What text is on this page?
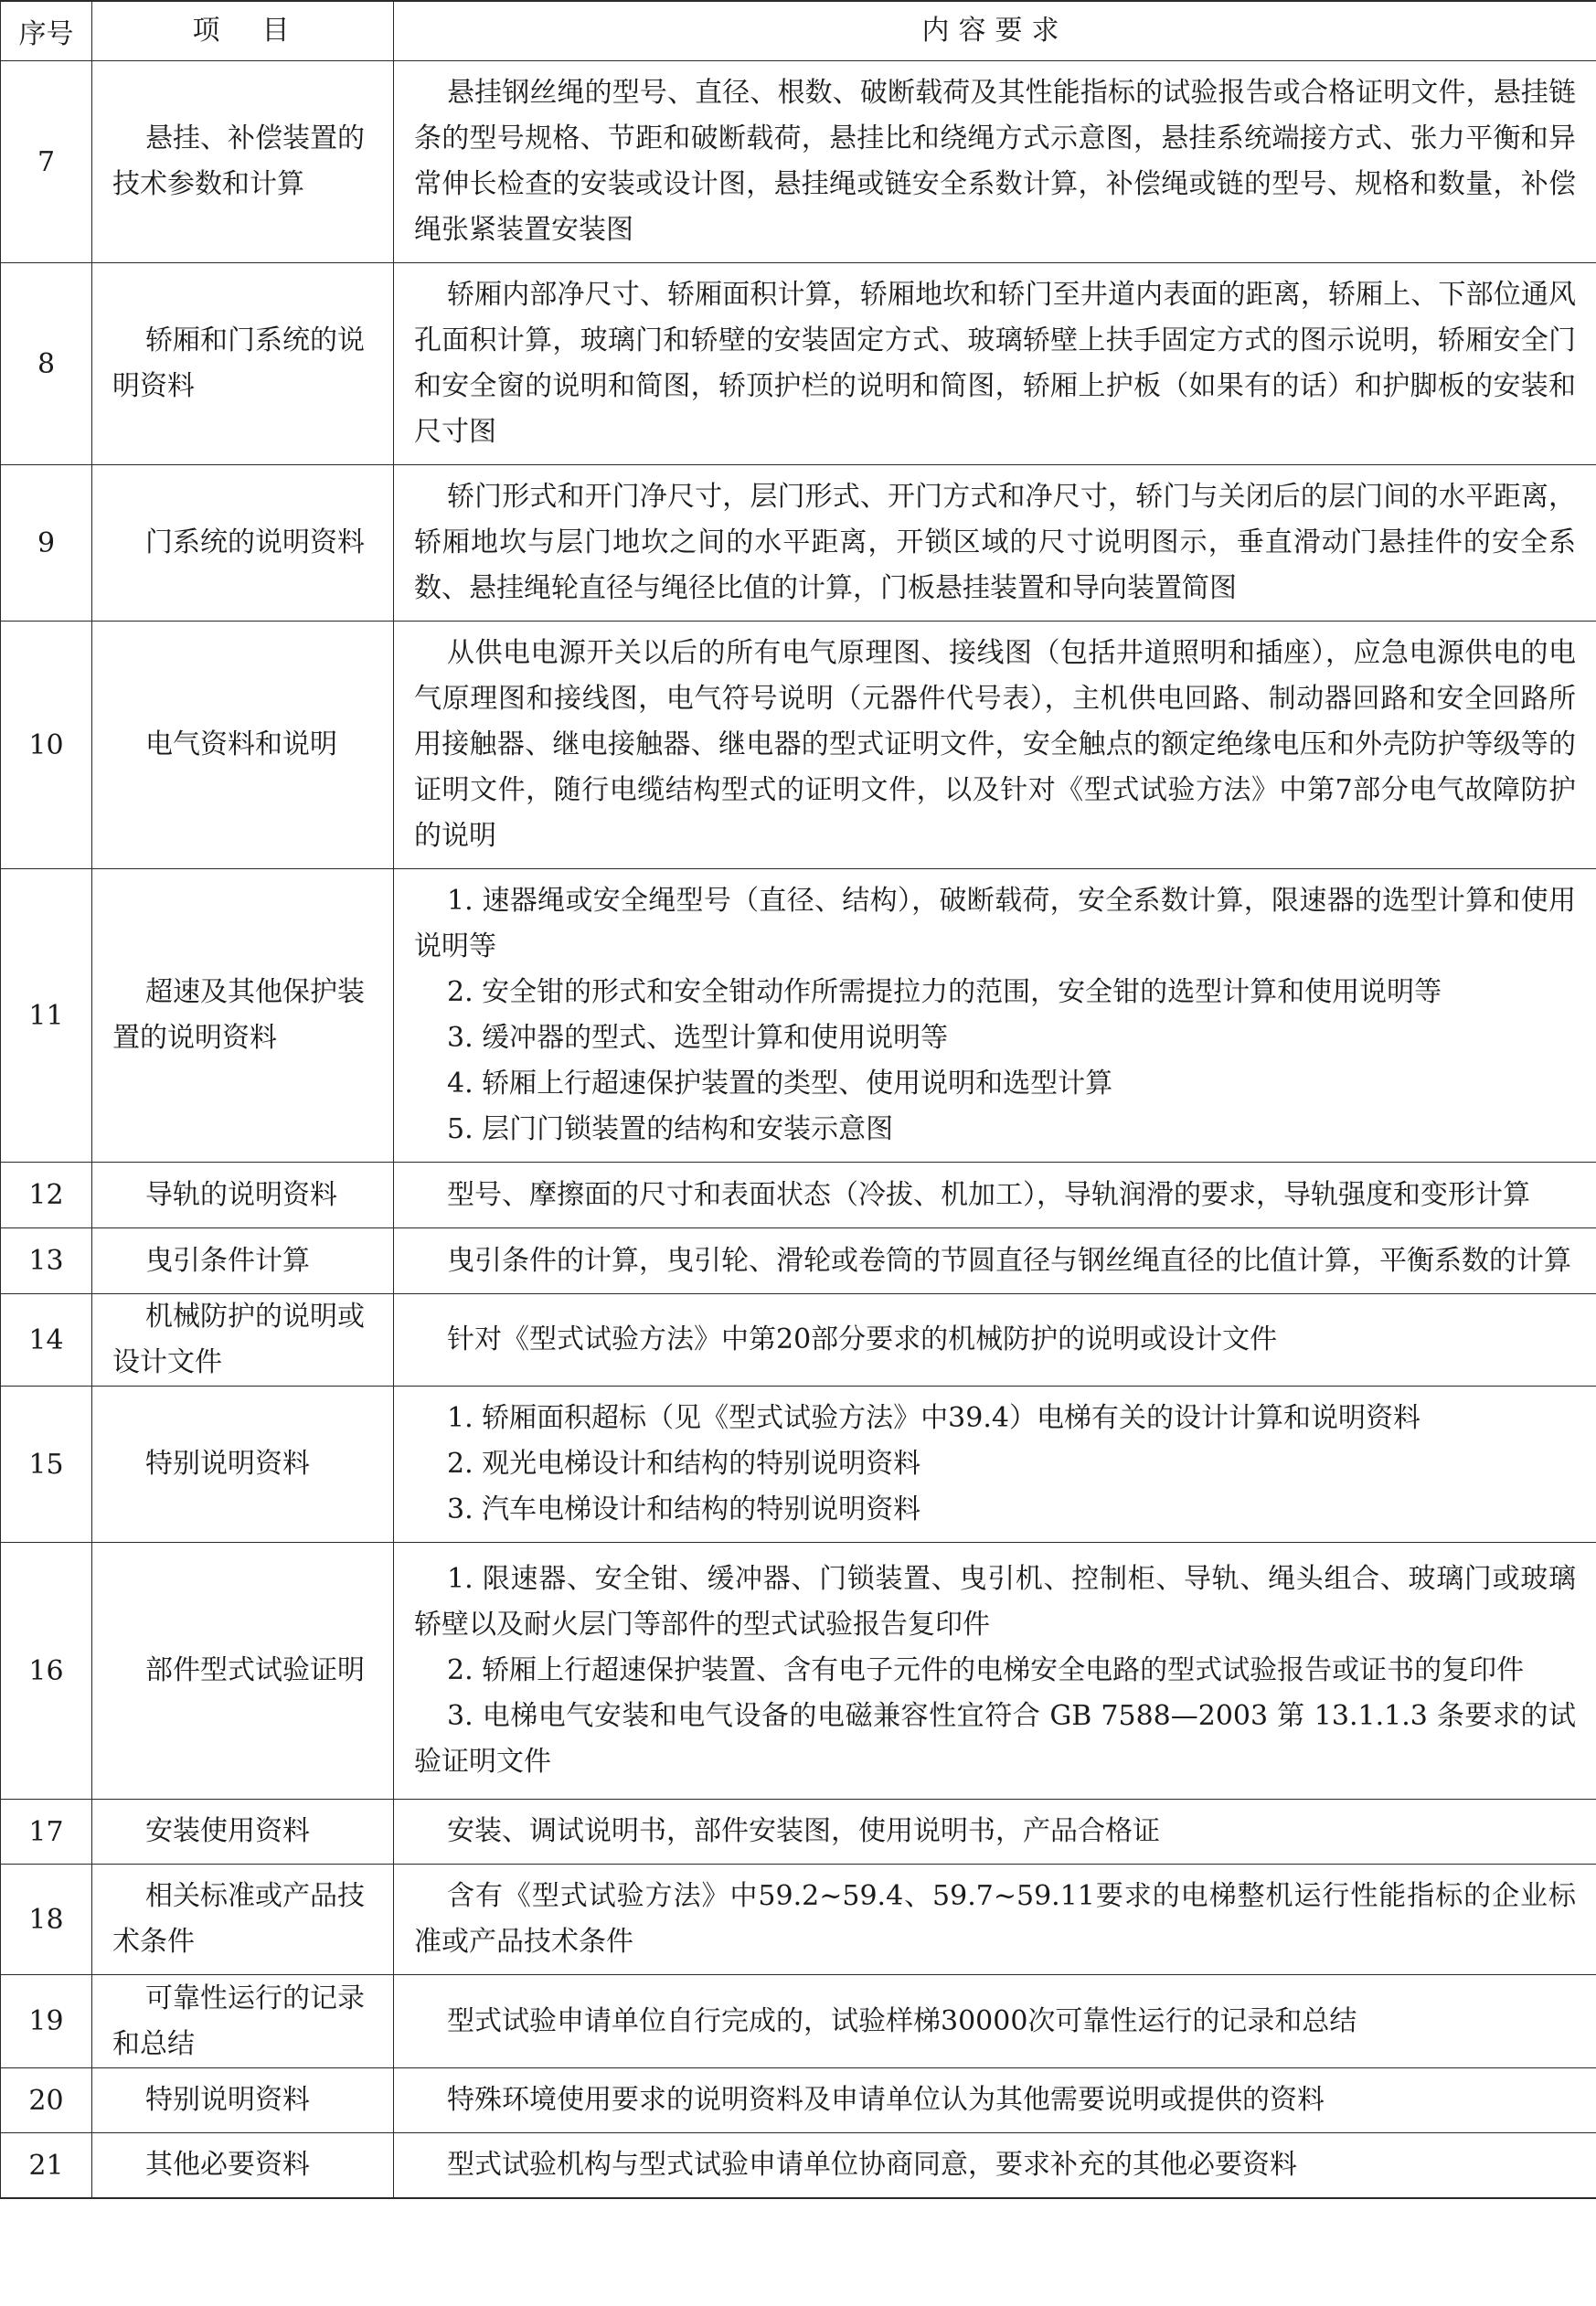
序号	项　目	内容要求
7	悬挂、补偿装置的技术参数和计算	悬挂钢丝绳的型号、直径、根数、破断载荷及其性能指标的试验报告或合格证明文件，悬挂链条的型号规格、节距和破断载荷，悬挂比和绕绳方式示意图，悬挂系统端接方式、张力平衡和异常伸长检查的安装或设计图，悬挂绳或链安全系数计算，补偿绳或链的型号、规格和数量，补偿绳张紧装置安装图

8	轿厢和门系统的说明资料	轿厢内部净尺寸、轿厢面积计算，轿厢地坎和轿门至井道内表面的距离，轿厢上、下部位通风孔面积计算，玻璃门和轿壁的安装固定方式、玻璃轿壁上扶手固定方式的图示说明，轿厢安全门和安全窗的说明和简图，轿顶护栏的说明和简图，轿厢上护板（如果有的话）和护脚板的安装和尺寸图

9	门系统的说明资料	轿门形式和开门净尺寸，层门形式、开门方式和净尺寸，轿门与关闭后的层门间的水平距离，轿厢地坎与层门地坎之间的水平距离，开锁区域的尺寸说明图示，垂直滑动门悬挂件的安全系数、悬挂绳轮直径与绳径比值的计算，门板悬挂装置和导向装置简图

10	电气资料和说明	从供电电源开关以后的所有电气原理图、接线图（包括井道照明和插座），应急电源供电的电气原理图和接线图，电气符号说明（元器件代号表），主机供电回路、制动器回路和安全回路所用接触器、继电接触器、继电器的型式证明文件，安全触点的额定绝缘电压和外壳防护等级等的证明文件，随行电缆结构型式的证明文件，以及针对《型式试验方法》中第7部分电气故障防护的说明

11	超速及其他保护装置的说明资料	1. 速器绳或安全绳型号（直径、结构），破断载荷，安全系数计算，限速器的选型计算和使用说明等
2. 安全钳的形式和安全钳动作所需提拉力的范围，安全钳的选型计算和使用说明等
3. 缓冲器的型式、选型计算和使用说明等
4. 轿厢上行超速保护装置的类型、使用说明和选型计算
5. 层门门锁装置的结构和安装示意图

12	导轨的说明资料	型号、摩擦面的尺寸和表面状态（冷拔、机加工），导轨润滑的要求，导轨强度和变形计算

13	曳引条件计算	曳引条件的计算，曳引轮、滑轮或卷筒的节圆直径与钢丝绳直径的比值计算，平衡系数的计算

14	机械防护的说明或设计文件	针对《型式试验方法》中第20部分要求的机械防护的说明或设计文件

15	特别说明资料	1. 轿厢面积超标（见《型式试验方法》中39.4）电梯有关的设计计算和说明资料
2. 观光电梯设计和结构的特别说明资料
3. 汽车电梯设计和结构的特别说明资料

16	部件型式试验证明	1. 限速器、安全钳、缓冲器、门锁装置、曳引机、控制柜、导轨、绳头组合、玻璃门或玻璃轿壁以及耐火层门等部件的型式试验报告复印件
2. 轿厢上行超速保护装置、含有电子元件的电梯安全电路的型式试验报告或证书的复印件
3. 电梯电气安装和电气设备的电磁兼容性宜符合 GB 7588—2003 第 13.1.1.3 条要求的试验证明文件

17	安装使用资料	安装、调试说明书，部件安装图，使用说明书，产品合格证

18	相关标准或产品技术条件	含有《型式试验方法》中59.2~59.4、59.7~59.11要求的电梯整机运行性能指标的企业标准或产品技术条件

19	可靠性运行的记录和总结	型式试验申请单位自行完成的，试验样梯30000次可靠性运行的记录和总结

20	特别说明资料	特殊环境使用要求的说明资料及申请单位认为其他需要说明或提供的资料

21	其他必要资料	型式试验机构与型式试验申请单位协商同意，要求补充的其他必要资料
